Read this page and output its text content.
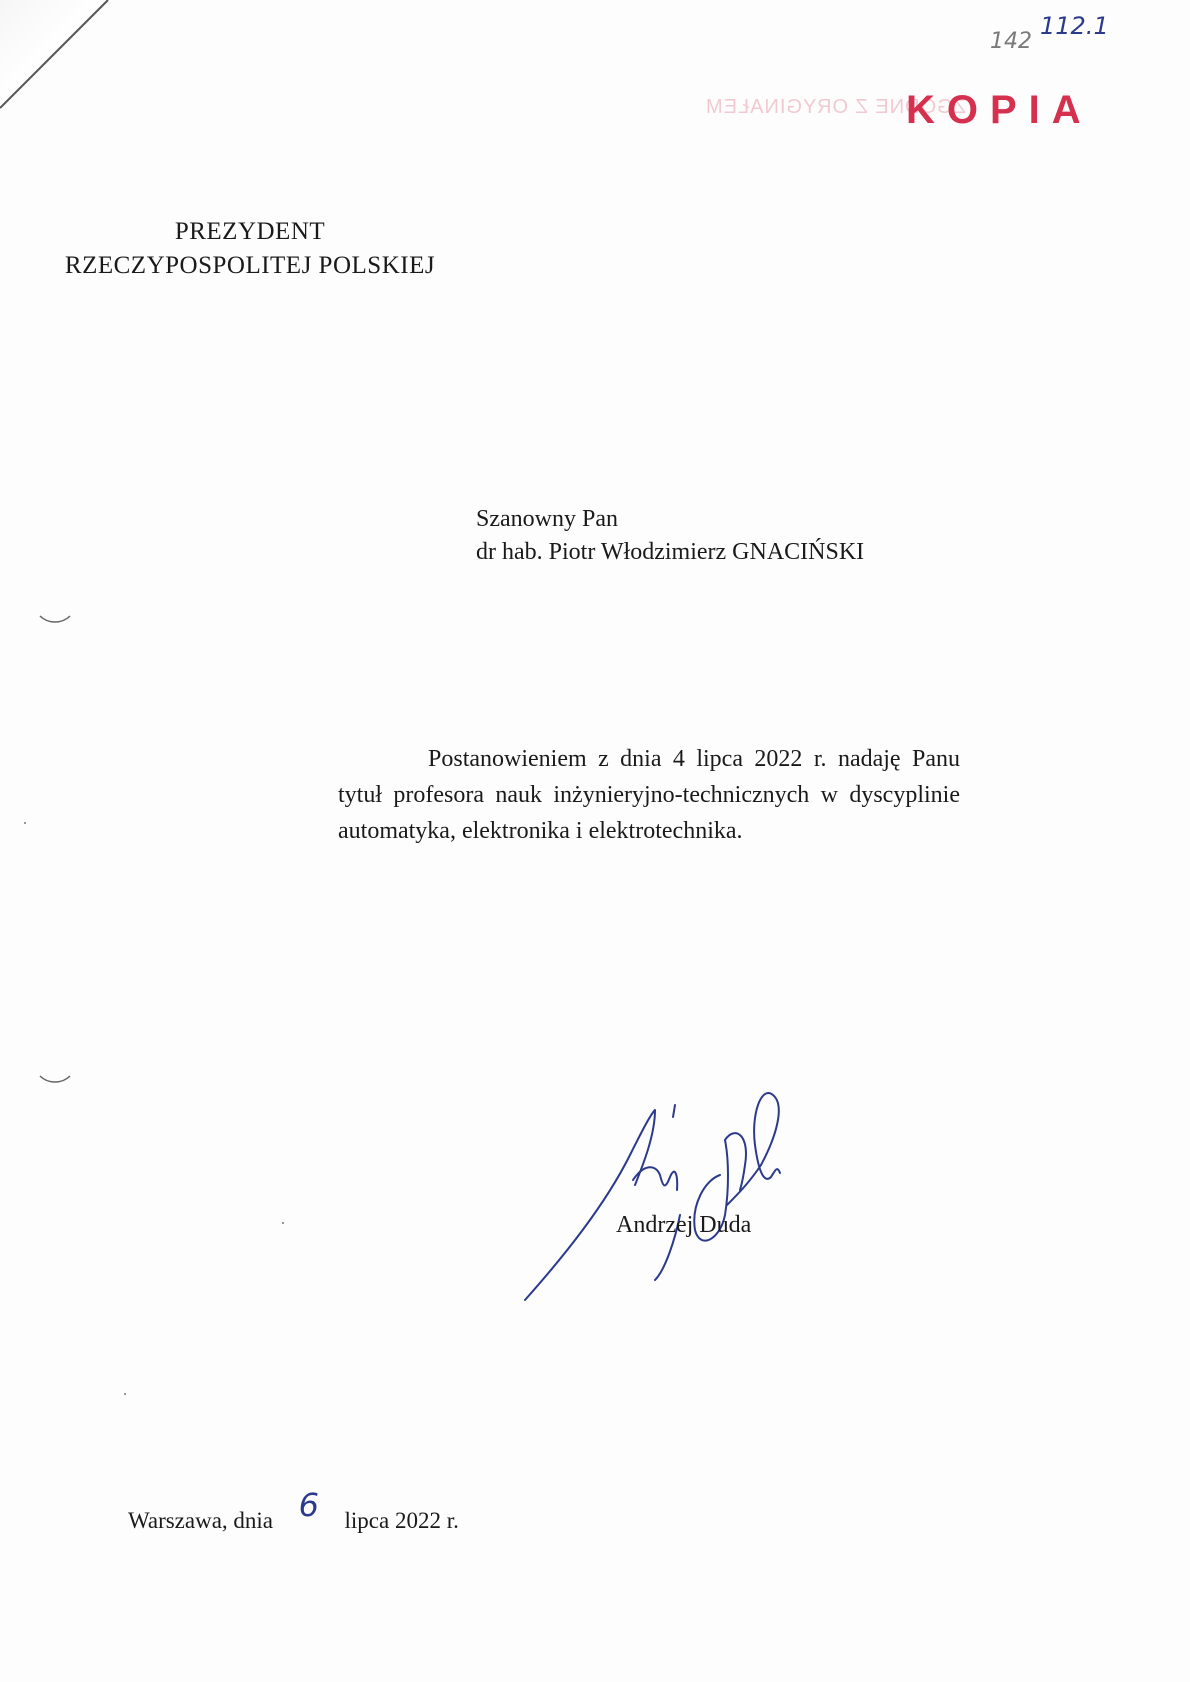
142112.1
ZGODNE Z ORYGINAŁEM
KOPIA
PREZYDENT
RZECZYPOSPOLITEJ POLSKIEJ
Szanowny Pan
dr hab. Piotr Włodzimierz GNACIŃSKI

Postanowieniem z dnia 4 lipca 2022 r. nadaję Panu tytuł profesora nauk inżynieryjno-technicznych w dyscyplinie automatyka, elektronika i elektrotechnika.

Andrzej Duda
Warszawa, dnia 6 lipca 2022 r.
